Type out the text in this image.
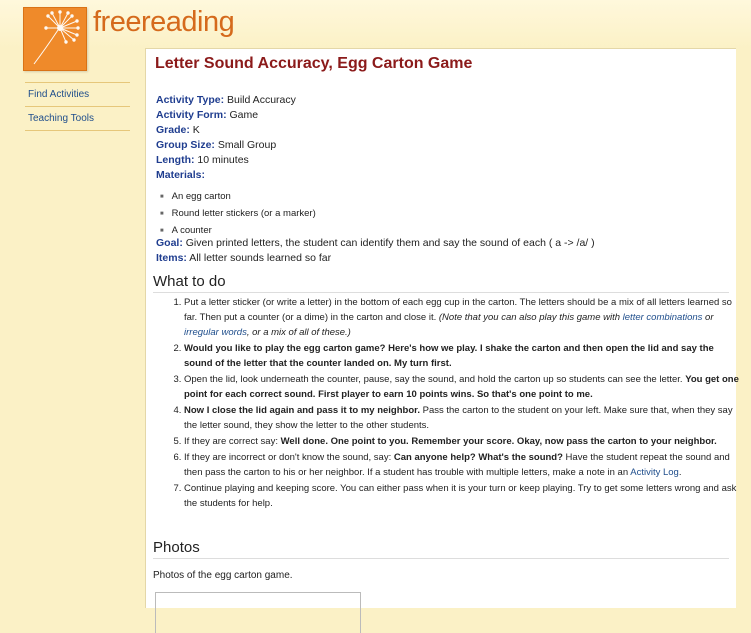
freereading
Find Activities
Teaching Tools
Letter Sound Accuracy, Egg Carton Game
Activity Type: Build Accuracy
Activity Form: Game
Grade: K
Group Size: Small Group
Length: 10 minutes
Materials:
■ An egg carton
■ Round letter stickers (or a marker)
■ A counter
Goal: Given printed letters, the student can identify them and say the sound of each ( a -> /a/ )
Items: All letter sounds learned so far
What to do
1. Put a letter sticker (or write a letter) in the bottom of each egg cup in the carton. The letters should be a mix of all letters learned so far. Then put a counter (or a dime) in the carton and close it. (Note that you can also play this game with letter combinations or irregular words, or a mix of all of these.)
2. Would you like to play the egg carton game? Here's how we play. I shake the carton and then open the lid and say the sound of the letter that the counter landed on. My turn first.
3. Open the lid, look underneath the counter, pause, say the sound, and hold the carton up so students can see the letter. You get one point for each correct sound. First player to earn 10 points wins. So that's one point to me.
4. Now I close the lid again and pass it to my neighbor. Pass the carton to the student on your left. Make sure that, when they say the letter sound, they show the letter to the other students.
5. If they are correct say: Well done. One point to you. Remember your score. Okay, now pass the carton to your neighbor.
6. If they are incorrect or don't know the sound, say: Can anyone help? What's the sound? Have the student repeat the sound and then pass the carton to his or her neighbor. If a student has trouble with multiple letters, make a note in an Activity Log.
7. Continue playing and keeping score. You can either pass when it is your turn or keep playing. Try to get some letters wrong and ask the students for help.
Photos
Photos of the egg carton game.
